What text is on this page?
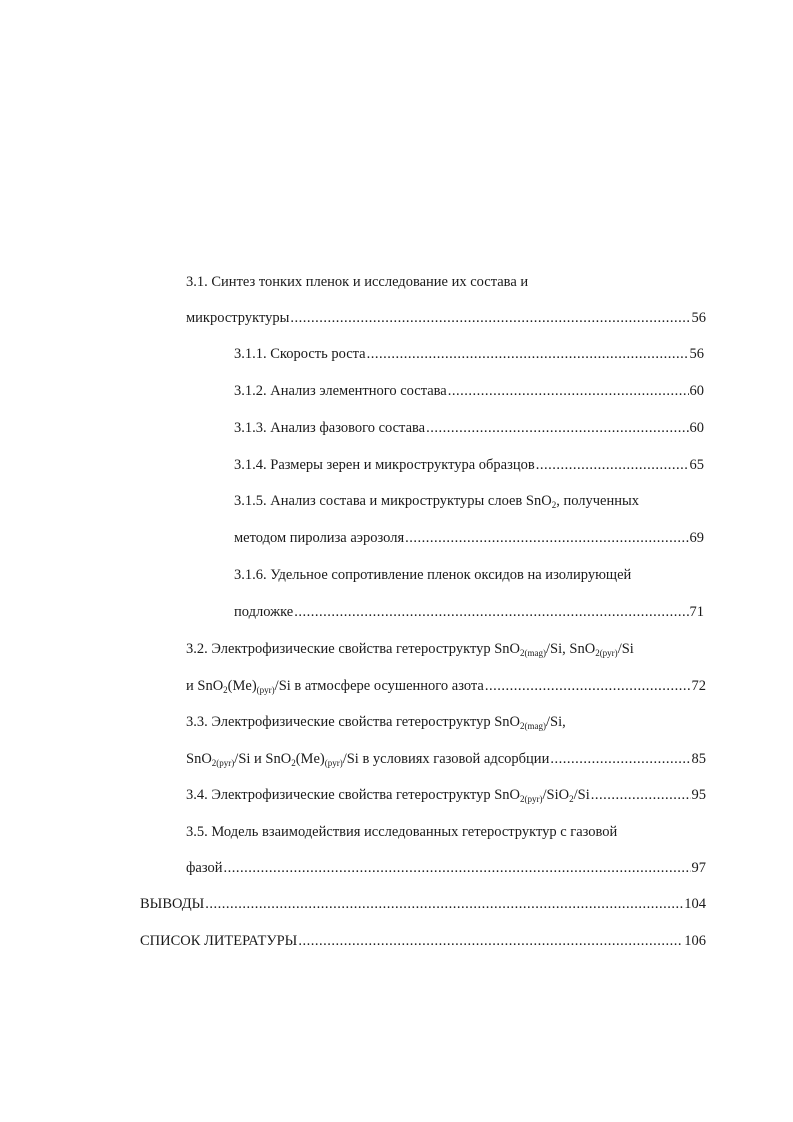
3.1. Синтез тонких пленок и исследование их состава и
микроструктуры .....	56
3.1.1. Скорость роста .....	56
3.1.2. Анализ элементного состава .....	60
3.1.3. Анализ фазового состава .....	60
3.1.4. Размеры зерен и микроструктура образцов .....	65
3.1.5. Анализ состава и микроструктуры слоев SnO$_2$, полученных
методом пиролиза аэрозоля .....	69
3.1.6. Удельное сопротивление пленок оксидов на изолирующей
подложке .....	71
3.2. Электрофизические свойства гетероструктур SnO$_{2(mag)}$/Si, SnO$_{2(pyr)}$/Si
и $SnO_2(Me)_{(pyr)}/Si$ в атмосфере осушенного азота .....	72
3.3. Электрофизические свойства гетероструктур SnO$_{2(mag)}$/Si,
SnO$_{2(pyr)}$/Si и $SnO_2(Me)_{(pyr)}/Si$ в условиях газовой адсорбции .....	85
3.4. Электрофизические свойства гетероструктур SnO$_{2(pyr)}$/SiO$_2$/Si .....	95
3.5. Модель взаимодействия исследованных гетероструктур с газовой
фазой .....	97
ВЫВОДЫ .....	104
СПИСОК ЛИТЕРАТУРЫ .....	106
